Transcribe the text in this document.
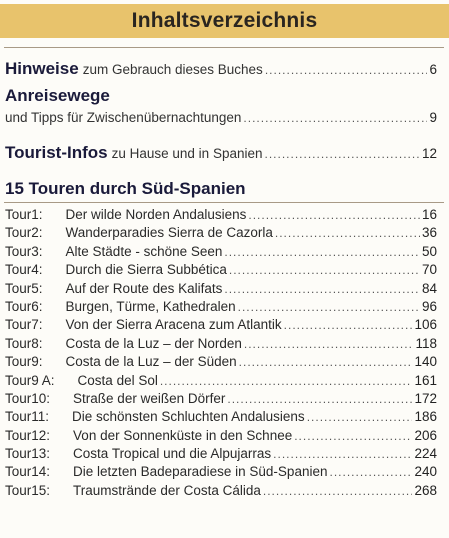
Inhaltsverzeichnis
Hinweise zum Gebrauch dieses Buches .....	6
Anreisewege
und Tipps für Zwischenübernachtungen .....	9
Tourist-Infos zu Hause und in Spanien .....	12
15 Touren durch Süd-Spanien
Tour 1: Der wilde Norden Andalusiens .....	16
Tour 2: Wanderparadies Sierra de Cazorla .....	36
Tour 3: Alte Städte - schöne Seen .....	50
Tour 4: Durch die Sierra Subbética .....	70
Tour 5: Auf der Route des Kalifats .....	84
Tour 6: Burgen, Türme, Kathedralen .....	96
Tour 7: Von der Sierra Aracena zum Atlantik .....	106
Tour 8: Costa de la Luz – der Norden .....	118
Tour 9: Costa de la Luz – der Süden .....	140
Tour 9 A: Costa del Sol .....	161
Tour 10: Straße der weißen Dörfer .....	172
Tour 11: Die schönsten Schluchten Andalusiens .....	186
Tour 12: Von der Sonnenküste in den Schnee .....	206
Tour 13: Costa Tropical und die Alpujarras .....	224
Tour 14: Die letzten Badeparadiese in Süd-Spanien .....	240
Tour 15: Traumstrände der Costa Cálida .....	268
